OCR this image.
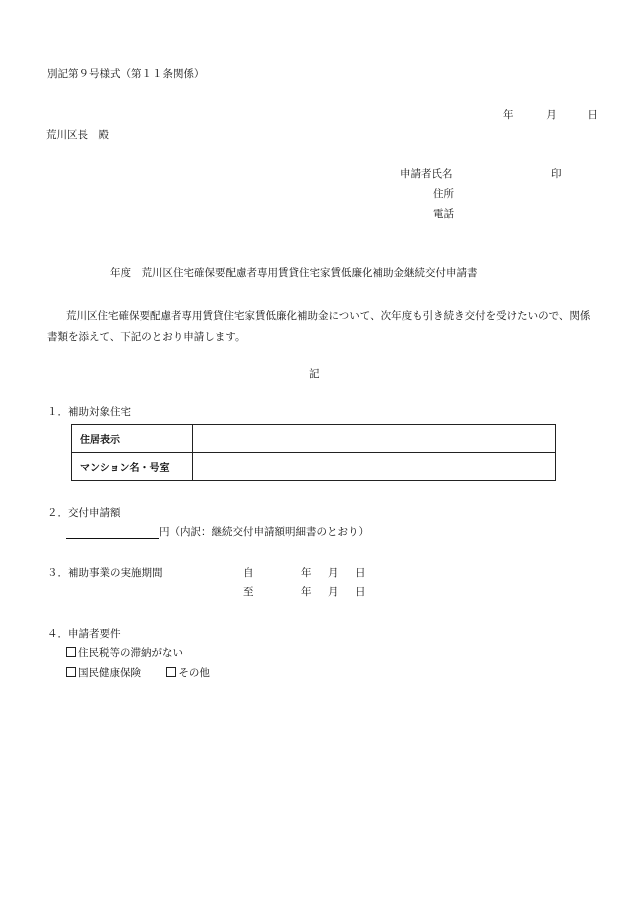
別記第９号様式（第１１条関係）
年	月	日
荒川区長　殿
申請者氏名	印
住所
電話
年度　荒川区住宅確保要配慮者専用賃貸住宅家賃低廉化補助金継続交付申請書
荒川区住宅確保要配慮者専用賃貸住宅家賃低廉化補助金について、次年度も引き続き交付を受けたいので、関係書類を添えて、下記のとおり申請します。
記
１．補助対象住宅
住居表示	
マンション名・号室	
２．交付申請額
円（内訳：継続交付申請額明細書のとおり）
３．補助事業の実施期間	自	年 月 日
至	年 月 日
４．申請者要件
住民税等の滞納がない
国民健康保険	その他
